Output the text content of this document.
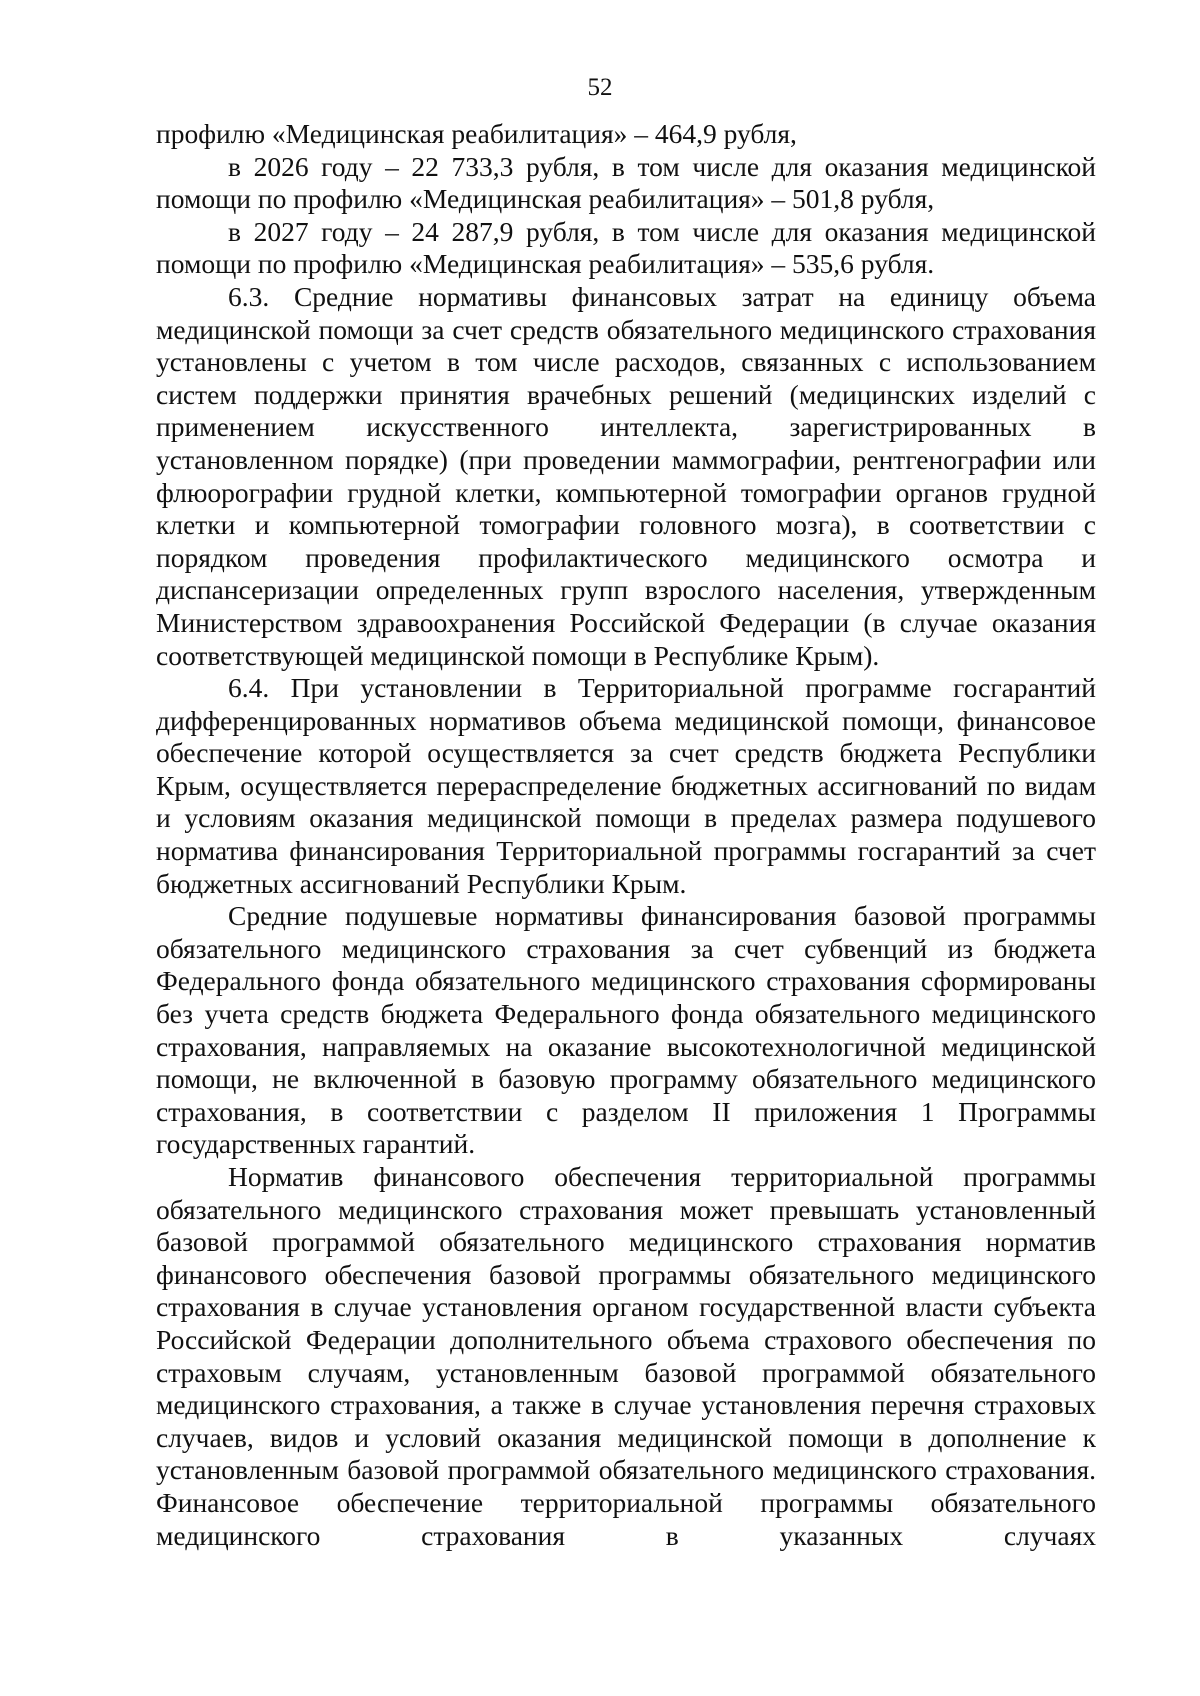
52

профилю «Медицинская реабилитация» – 464,9 рубля,

в 2026 году – 22 733,3 рубля, в том числе для оказания медицинской помощи по профилю «Медицинская реабилитация» – 501,8 рубля,

в 2027 году – 24 287,9 рубля, в том числе для оказания медицинской помощи по профилю «Медицинская реабилитация» – 535,6 рубля.

6.3. Средние нормативы финансовых затрат на единицу объема медицинской помощи за счет средств обязательного медицинского страхования установлены с учетом в том числе расходов, связанных с использованием систем поддержки принятия врачебных решений (медицинских изделий с применением искусственного интеллекта, зарегистрированных в установленном порядке) (при проведении маммографии, рентгенографии или флюорографии грудной клетки, компьютерной томографии органов грудной клетки и компьютерной томографии головного мозга), в соответствии с порядком проведения профилактического медицинского осмотра и диспансеризации определенных групп взрослого населения, утвержденным Министерством здравоохранения Российской Федерации (в случае оказания соответствующей медицинской помощи в Республике Крым).

6.4. При установлении в Территориальной программе госгарантий дифференцированных нормативов объема медицинской помощи, финансовое обеспечение которой осуществляется за счет средств бюджета Республики Крым, осуществляется перераспределение бюджетных ассигнований по видам и условиям оказания медицинской помощи в пределах размера подушевого норматива финансирования Территориальной программы госгарантий за счет бюджетных ассигнований Республики Крым.

Средние подушевые нормативы финансирования базовой программы обязательного медицинского страхования за счет субвенций из бюджета Федерального фонда обязательного медицинского страхования сформированы без учета средств бюджета Федерального фонда обязательного медицинского страхования, направляемых на оказание высокотехнологичной медицинской помощи, не включенной в базовую программу обязательного медицинского страхования, в соответствии с разделом II приложения 1 Программы государственных гарантий.

Норматив финансового обеспечения территориальной программы обязательного медицинского страхования может превышать установленный базовой программой обязательного медицинского страхования норматив финансового обеспечения базовой программы обязательного медицинского страхования в случае установления органом государственной власти субъекта Российской Федерации дополнительного объема страхового обеспечения по страховым случаям, установленным базовой программой обязательного медицинского страхования, а также в случае установления перечня страховых случаев, видов и условий оказания медицинской помощи в дополнение к установленным базовой программой обязательного медицинского страхования. Финансовое обеспечение территориальной программы обязательного медицинского страхования в указанных случаях
